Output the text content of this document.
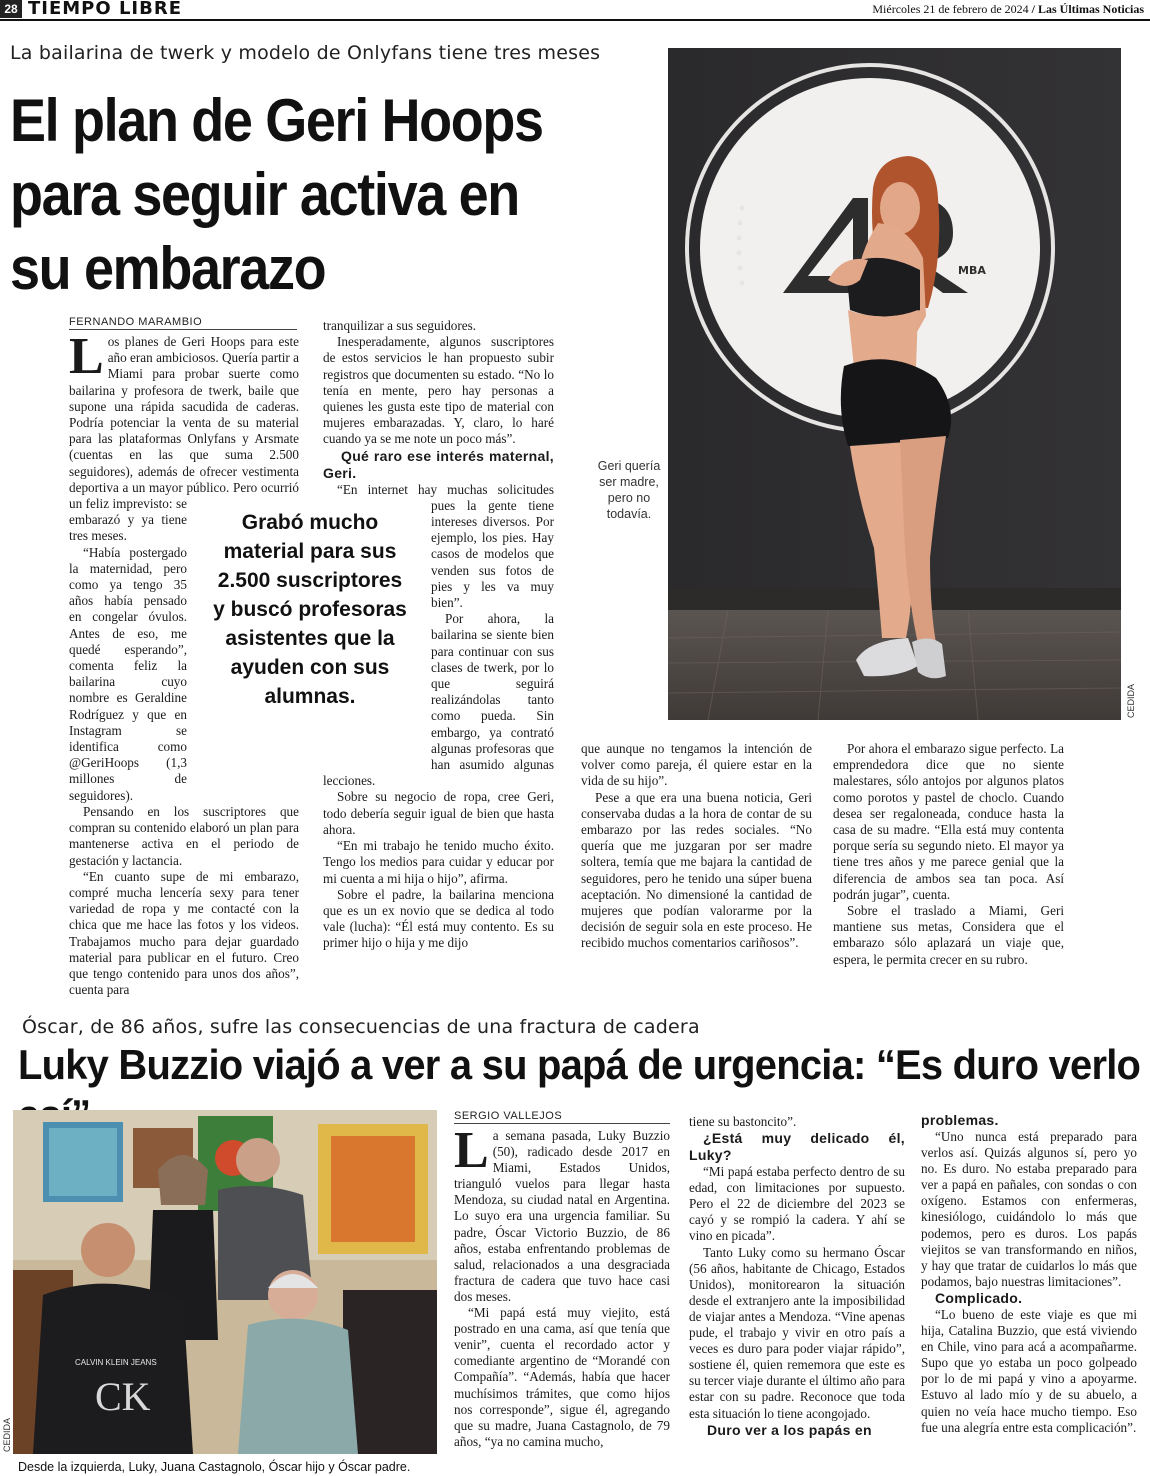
28 TIEMPO LIBRE	Miércoles 21 de febrero de 2024 / Las Últimas Noticias
La bailarina de twerk y modelo de Onlyfans tiene tres meses
El plan de Geri Hoops
para seguir activa en
su embarazo
FERNANDO MARAMBIO

Los planes de Geri Hoops para este año eran ambiciosos. Quería partir a Miami para probar suerte como bailarina y profesora de twerk, baile que supone una rápida sacudida de caderas. Podría potenciar la venta de su material para las plataformas Onlyfans y Arsmate (cuentas en las que suma 2.500 seguidores), además de ofrecer vestimenta deportiva a un mayor público. Pero ocurrió un feliz imprevisto: se embarazó y ya tiene tres meses.

“Había postergado la maternidad, pero como ya tengo 35 años había pensado en congelar óvulos. Antes de eso, me quedé esperando”, comenta feliz la bailarina cuyo nombre es Geraldine Rodríguez y que en Instagram se identifica como @GeriHoops (1,3 millones de seguidores).

Pensando en los suscriptores que compran su contenido elaboró un plan para mantenerse activa en el periodo de gestación y lactancia.

“En cuanto supe de mi embarazo, compré mucha lencería sexy para tener variedad de ropa y me contacté con la chica que me hace las fotos y los videos. Trabajamos mucho para dejar guardado material para publicar en el futuro. Creo que tengo contenido para unos dos años”, cuenta para

Grabó mucho material para sus 2.500 suscriptores y buscó profesoras asistentes que la ayuden con sus alumnas.

tranquilizar a sus seguidores.

Inesperadamente, algunos suscriptores de estos servicios le han propuesto subir registros que documenten su estado. “No lo tenía en mente, pero hay personas a quienes les gusta este tipo de material con mujeres embarazadas. Y, claro, lo haré cuando ya se me note un poco más”.

Qué raro ese interés maternal, Geri.

“En internet hay muchas solicitudes pues la gente tiene intereses diversos. Por ejemplo, los pies. Hay casos de modelos que venden sus fotos de pies y les va muy bien”.

Por ahora, la bailarina se siente bien para continuar con sus clases de twerk, por lo que seguirá realizándolas tanto como pueda. Sin embargo, ya contrató algunas profesoras que han asumido algunas lecciones.

Sobre su negocio de ropa, cree Geri, todo debería seguir igual de bien que hasta ahora.

“En mi trabajo he tenido mucho éxito. Tengo los medios para cuidar y educar por mi cuenta a mi hija o hijo”, afirma.

Sobre el padre, la bailarina menciona que es un ex novio que se dedica al todo vale (lucha): “Él está muy contento. Es su primer hijo o hija y me dijo

Geri quería ser madre, pero no todavía.
MBA
CEDIDA

que aunque no tengamos la intención de volver como pareja, él quiere estar en la vida de su hijo”.

Pese a que era una buena noticia, Geri conservaba dudas a la hora de contar de su embarazo por las redes sociales. “No quería que me juzgaran por ser madre soltera, temía que me bajara la cantidad de seguidores, pero he tenido una súper buena aceptación. No dimensioné la cantidad de mujeres que podían valorarme por la decisión de seguir sola en este proceso. He recibido muchos comentarios cariñosos”.

Por ahora el embarazo sigue perfecto. La emprendedora dice que no siente malestares, sólo antojos por algunos platos como porotos y pastel de choclo. Cuando desea ser regaloneada, conduce hasta la casa de su madre. “Ella está muy contenta porque sería su segundo nieto. El mayor ya tiene tres años y me parece genial que la diferencia de ambos sea tan poca. Así podrán jugar”, cuenta.

Sobre el traslado a Miami, Geri mantiene sus metas, Considera que el embarazo sólo aplazará un viaje que, espera, le permita crecer en su rubro.

Óscar, de 86 años, sufre las consecuencias de una fractura de cadera
Luky Buzzio viajó a ver a su papá de urgencia: “Es duro verlo
CALVIN KLEIN JEANS
CK
CEDIDA
Desde la izquierda, Luky, Juana Castagnolo, Óscar hijo y Óscar padre.
SERGIO VALLEJOS

La semana pasada, Luky Buzzio (50), radicado desde 2017 en Miami, Estados Unidos, trianguló vuelos para llegar hasta Mendoza, su ciudad natal en Argentina. Lo suyo era una urgencia familiar. Su padre, Óscar Victorio Buzzio, de 86 años, estaba enfrentando problemas de salud, relacionados a una desgraciada fractura de cadera que tuvo hace casi dos meses.

“Mi papá está muy viejito, está postrado en una cama, así que tenía que venir”, cuenta el recordado actor y comediante argentino de “Morandé con Compañía”. “Además, había que hacer muchísimos trámites, que como hijos nos corresponde”, sigue él, agregando que su madre, Juana Castagnolo, de 79 años, “ya no camina mucho,

tiene su bastoncito”.

¿Está muy delicado él, Luky?

“Mi papá estaba perfecto dentro de su edad, con limitaciones por supuesto. Pero el 22 de diciembre del 2023 se cayó y se rompió la cadera. Y ahí se vino en picada”.

Tanto Luky como su hermano Óscar (56 años, habitante de Chicago, Estados Unidos), monitorearon la situación desde el extranjero ante la imposibilidad de viajar antes a Mendoza. “Vine apenas pude, el trabajo y vivir en otro país a veces es duro para poder viajar rápido”, sostiene él, quien rememora que este es su tercer viaje durante el último año para estar con su padre. Reconoce que toda esta situación lo tiene acongojado.

Duro ver a los papás en

problemas.

“Uno nunca está preparado para verlos así. Quizás algunos sí, pero yo no. Es duro. No estaba preparado para ver a papá en pañales, con sondas o con oxígeno. Estamos con enfermeras, kinesiólogo, cuidándolo lo más que podemos, pero es duros. Los papás viejitos se van transformando en niños, y hay que tratar de cuidarlos lo más que podamos, bajo nuestras limitaciones”.

Complicado.

“Lo bueno de este viaje es que mi hija, Catalina Buzzio, que está viviendo en Chile, vino para acá a acompañarme. Supo que yo estaba un poco golpeado por lo de mi papá y vino a apoyarme. Estuvo al lado mío y de su abuelo, a quien no veía hace mucho tiempo. Eso fue una alegría entre esta complicación”.
